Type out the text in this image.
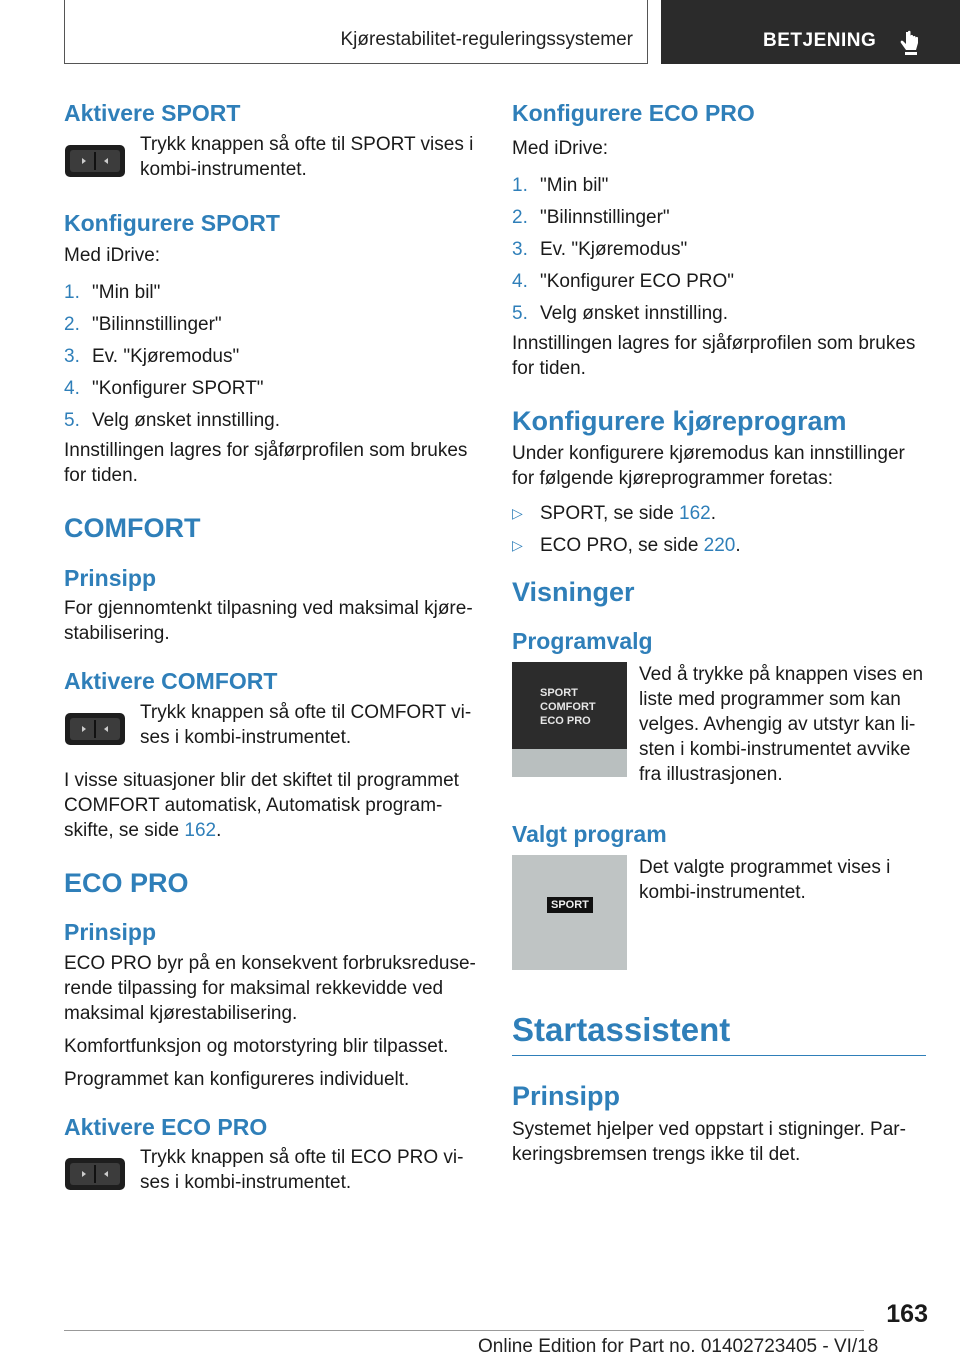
Kjørestabilitet-reguleringssystemer	BETJENING
Aktivere SPORT

Trykk knappen så ofte til SPORT vises i kombi-instrumentet.

Konfigurere SPORT

Med iDrive:

1. "Min bil"
2. "Bilinnstillinger"
3. Ev. "Kjøremodus"
4. "Konfigurer SPORT"
5. Velg ønsket innstilling.

Innstillingen lagres for sjåførprofilen som brukes for tiden.

COMFORT
Prinsipp

For gjennomtenkt tilpasning ved maksimal kjøre-stabilisering.

Aktivere COMFORT

Trykk knappen så ofte til COMFORT vi-ses i kombi-instrumentet.

I visse situasjoner blir det skiftet til programmet COMFORT automatisk, Automatisk program-skifte, se side 162.

ECO PRO
Prinsipp

ECO PRO byr på en konsekvent forbruksreduse-rende tilpassing for maksimal rekkevidde ved maksimal kjørestabilisering.

Komfortfunksjon og motorstyring blir tilpasset.

Programmet kan konfigureres individuelt.

Aktivere ECO PRO

Trykk knappen så ofte til ECO PRO vi-ses i kombi-instrumentet.

Konfigurere ECO PRO

Med iDrive:

1. "Min bil"
2. "Bilinnstillinger"
3. Ev. "Kjøremodus"
4. "Konfigurer ECO PRO"
5. Velg ønsket innstilling.

Innstillingen lagres for sjåførprofilen som brukes for tiden.

Konfigurere kjøreprogram

Under konfigurere kjøremodus kan innstillinger for følgende kjøreprogrammer foretas:

▷ SPORT, se side 162.
▷ ECO PRO, se side 220.
Visninger
Programvalg
SPORT
COMFORT
ECO PRO

Ved å trykke på knappen vises en liste med programmer som kan velges. Avhengig av utstyr kan li-sten i kombi-instrumentet avvike fra illustrasjonen.

Valgt program
SPORT

Det valgte programmet vises i kombi-instrumentet.

Startassistent
Prinsipp

Systemet hjelper ved oppstart i stigninger. Par-keringsbremsen trengs ikke til det.

163
Online Edition for Part no. 01402723405 - VI/18
